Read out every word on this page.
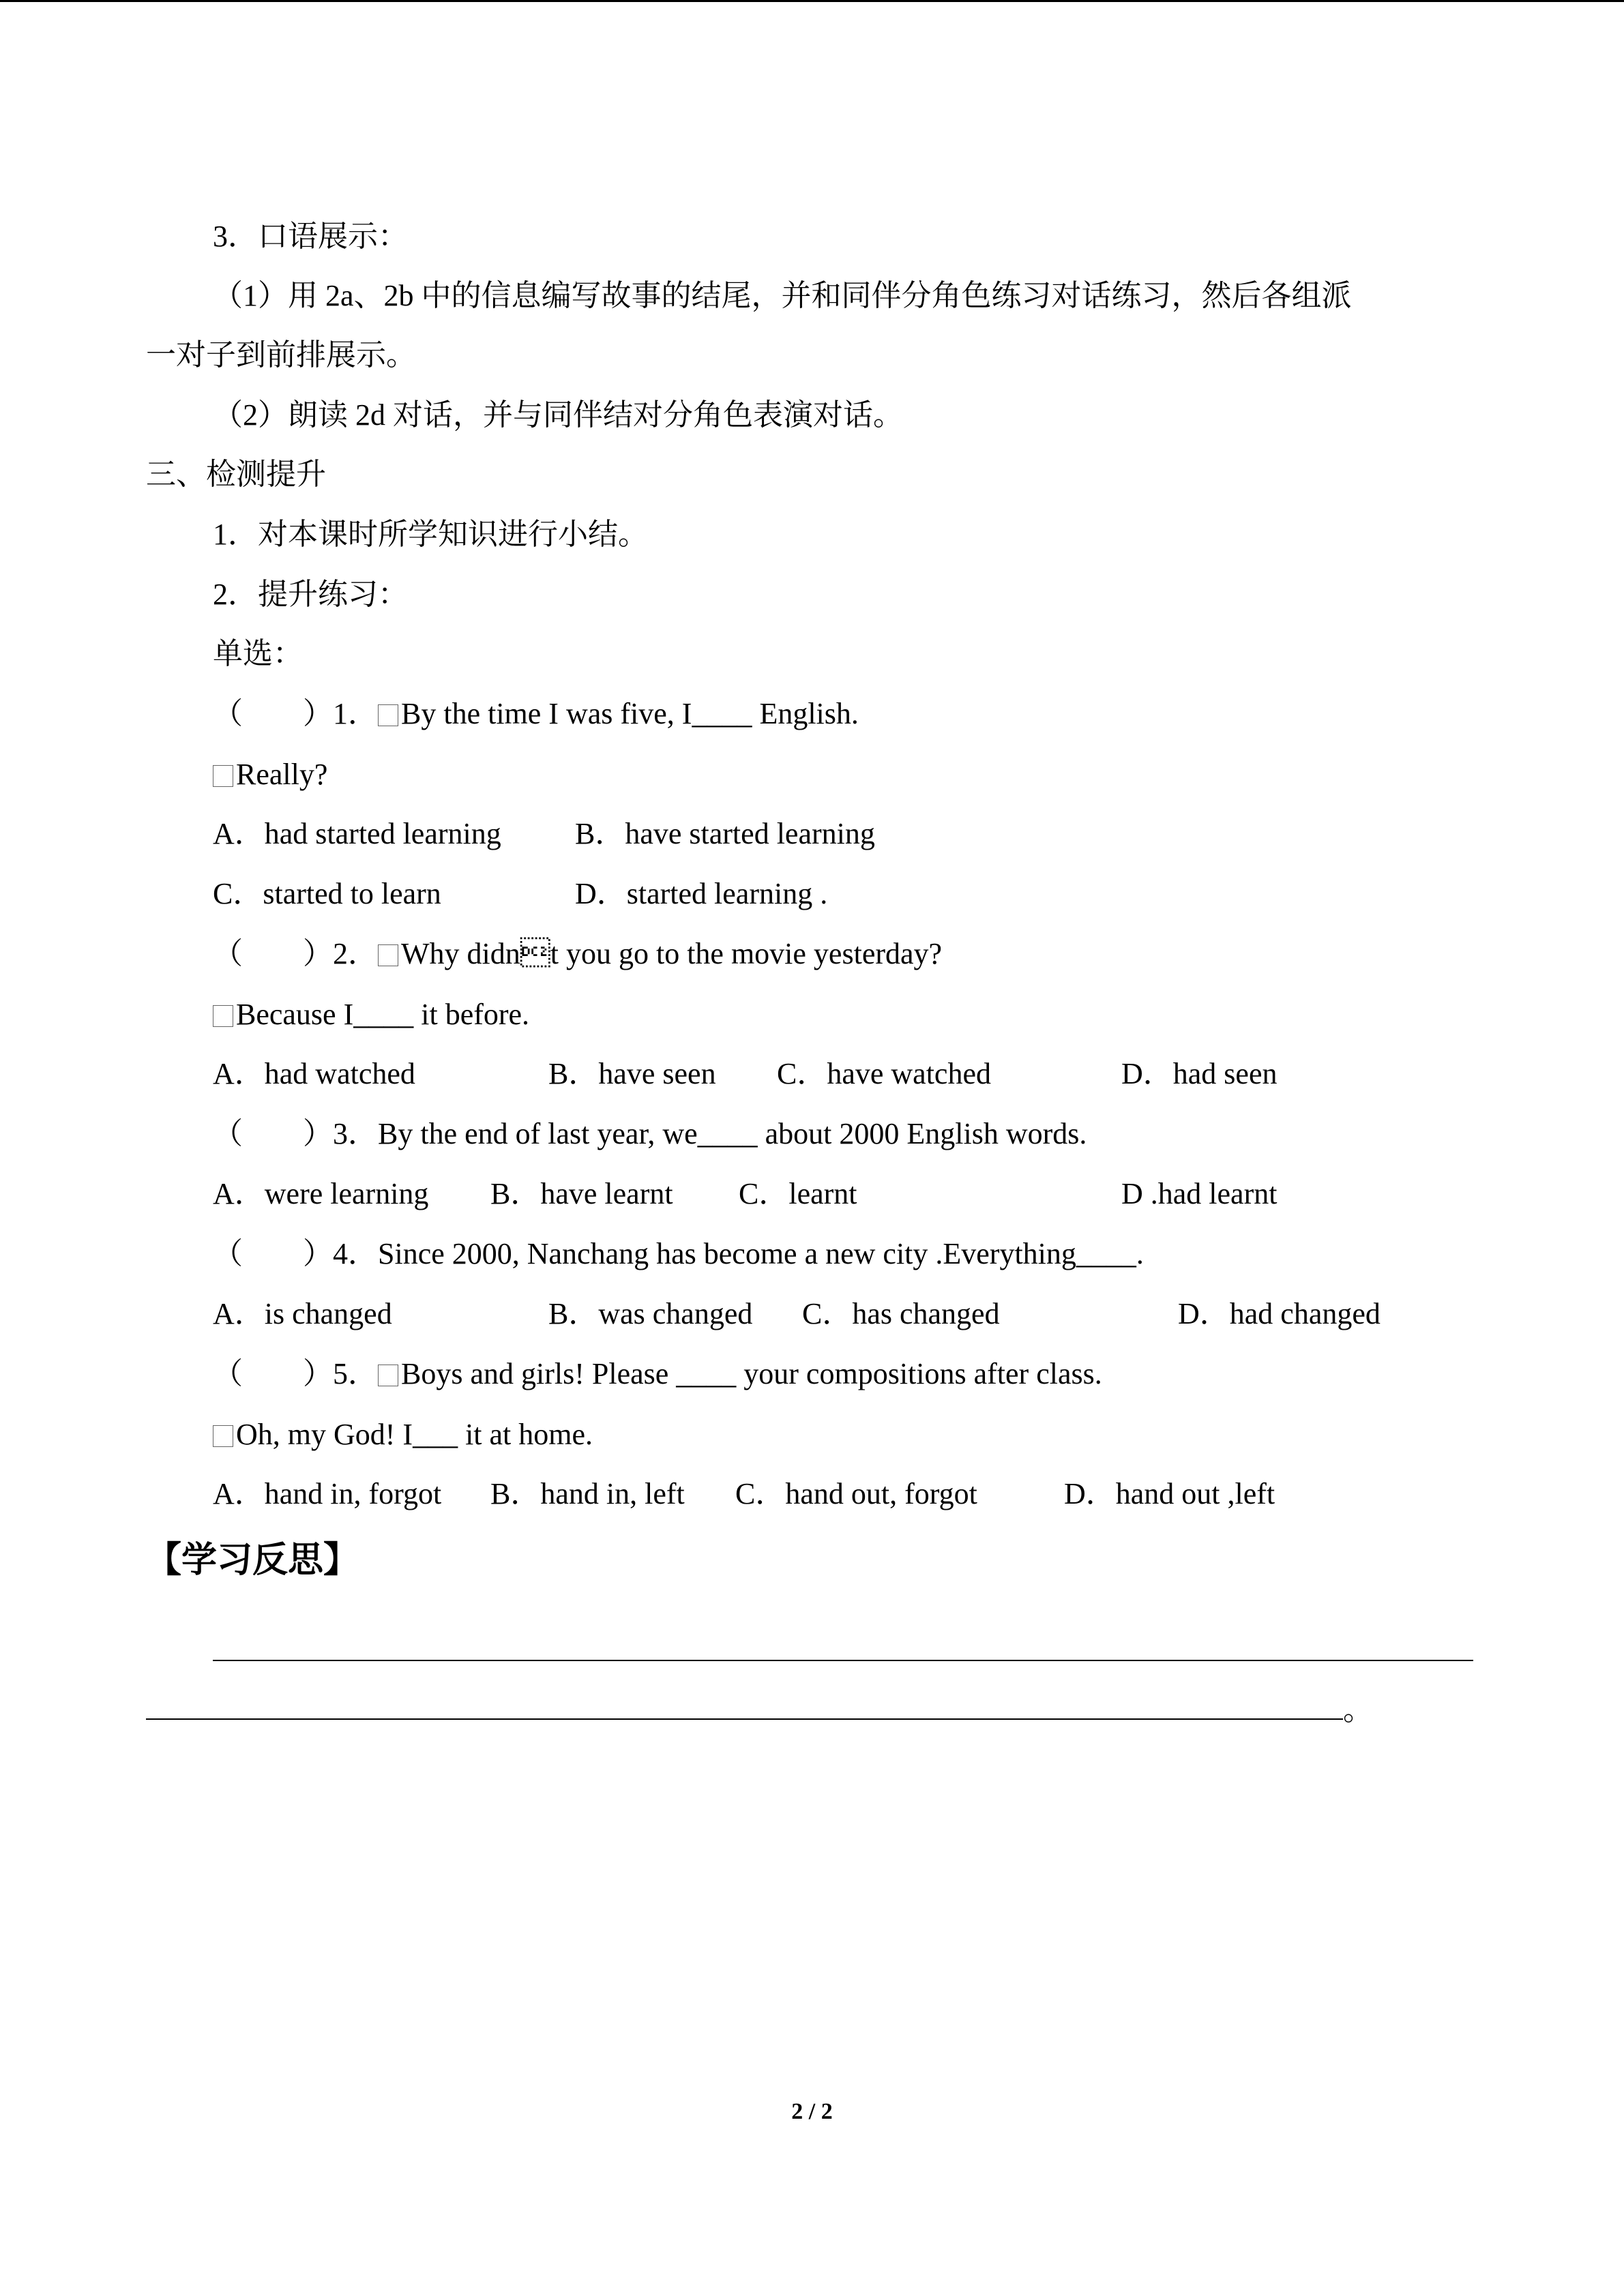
3．口语展示：
（1）用 2a、2b 中的信息编写故事的结尾，并和同伴分角色练习对话练习，然后各组派
一对子到前排展示。
（2）朗读 2d 对话，并与同伴结对分角色表演对话。
三、检测提升
1．对本课时所学知识进行小结。
2．提升练习：
单选：
（　　）1． By the time I was five, I____ English.
Really?
A．had started learning B．have started learning
C．started to learn	D．started learning .
（　　）2． Why didnt you go to the movie yesterday?
Because I____ it before.
A．had watched	B．have seen C．have watched	D．had seen
（　　）3．By the end of last year, we____ about 2000 English words.
A．were learning B．have learnt C．learnt	D .had learnt
（　　）4．Since 2000, Nanchang has become a new city .Everything____.
A．is changed	B．was changed C．has changed	D．had changed
（　　）5． Boys and girls! Please ____ your compositions after class.
Oh, my God! I___ it at home.
A．hand in, forgot B．hand in, left C．hand out, forgot	D．hand out ,left
【学习反思】
。
2 / 2
